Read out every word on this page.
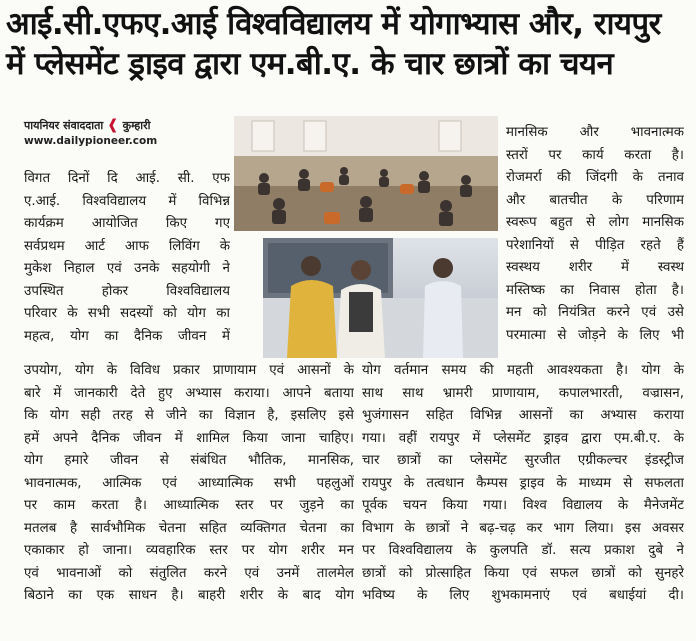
आई.सी.एफए.आई विश्वविद्यालय में योगाभ्यास और, रायपुर
में प्लेसमेंट ड्राइव द्वारा एम.बी.ए. के चार छात्रों का चयन
पायनियर संवाददाता ❰ कुम्हारी
www.dailypioneer.com
विगत दिनों दि आई. सी. एफ
ए.आई. विश्वविद्यालय में विभिन्न
कार्यक्रम आयोजित किए गए
सर्वप्रथम आर्ट आफ लिविंग के
मुकेश निहाल एवं उनके सहयोगी ने
उपस्थित होकर विश्वविद्यालय
परिवार के सभी सदस्यों को योग का
महत्व, योग का दैनिक जीवन में
मानसिक और भावनात्मक
स्तरों पर कार्य करता है।
रोजमर्रा की जिंदगी के तनाव
और बातचीत के परिणाम
स्वरूप बहुत से लोग मानसिक
परेशानियों से पीड़ित रहते हैं
स्वस्थय शरीर में स्वस्थ
मस्तिष्क का निवास होता है।
मन को नियंत्रित करने एवं उसे
परमात्मा से जोड़ने के लिए भी
उपयोग, योग के विविध प्रकार प्राणायाम एवं आसनों के
बारे में जानकारी देते हुए अभ्यास कराया। आपने बताया
कि योग सही तरह से जीने का विज्ञान है, इसलिए इसे
हमें अपने दैनिक जीवन में शामिल किया जाना चाहिए।
योग हमारे जीवन से संबंधित भौतिक, मानसिक,
भावनात्मक, आत्मिक एवं आध्यात्मिक सभी पहलुओं
पर काम करता है। आध्यात्मिक स्तर पर जुड़ने का
मतलब है सार्वभौमिक चेतना सहित व्यक्तिगत चेतना का
एकाकार हो जाना। व्यवहारिक स्तर पर योग शरीर मन
एवं भावनाओं को संतुलित करने एवं उनमें तालमेल
बिठाने का एक साधन है। बाहरी शरीर के बाद योग
योग वर्तमान समय की महती आवश्यकता है। योग के
साथ साथ भ्रामरी प्राणायाम, कपालभारती, वज्रासन,
भुजंगासन सहित विभिन्न आसनों का अभ्यास कराया
गया। वहीं रायपुर में प्लेसमेंट ड्राइव द्वारा एम.बी.ए. के
चार छात्रों का प्लेसमेंट सुरजीत एग्रीकल्चर इंडस्ट्रीज
रायपुर के तत्वधान कैम्पस ड्राइव के माध्यम से सफलता
पूर्वक चयन किया गया। विश्व विद्यालय के मैनेजमेंट
विभाग के छात्रों ने बढ़-चढ़ कर भाग लिया। इस अवसर
पर विश्वविद्यालय के कुलपति डॉ. सत्य प्रकाश दुबे ने
छात्रों को प्रोत्साहित किया एवं सफल छात्रों को सुनहरे
भविष्य के लिए शुभकामनाएं एवं बधाईयां दी।
